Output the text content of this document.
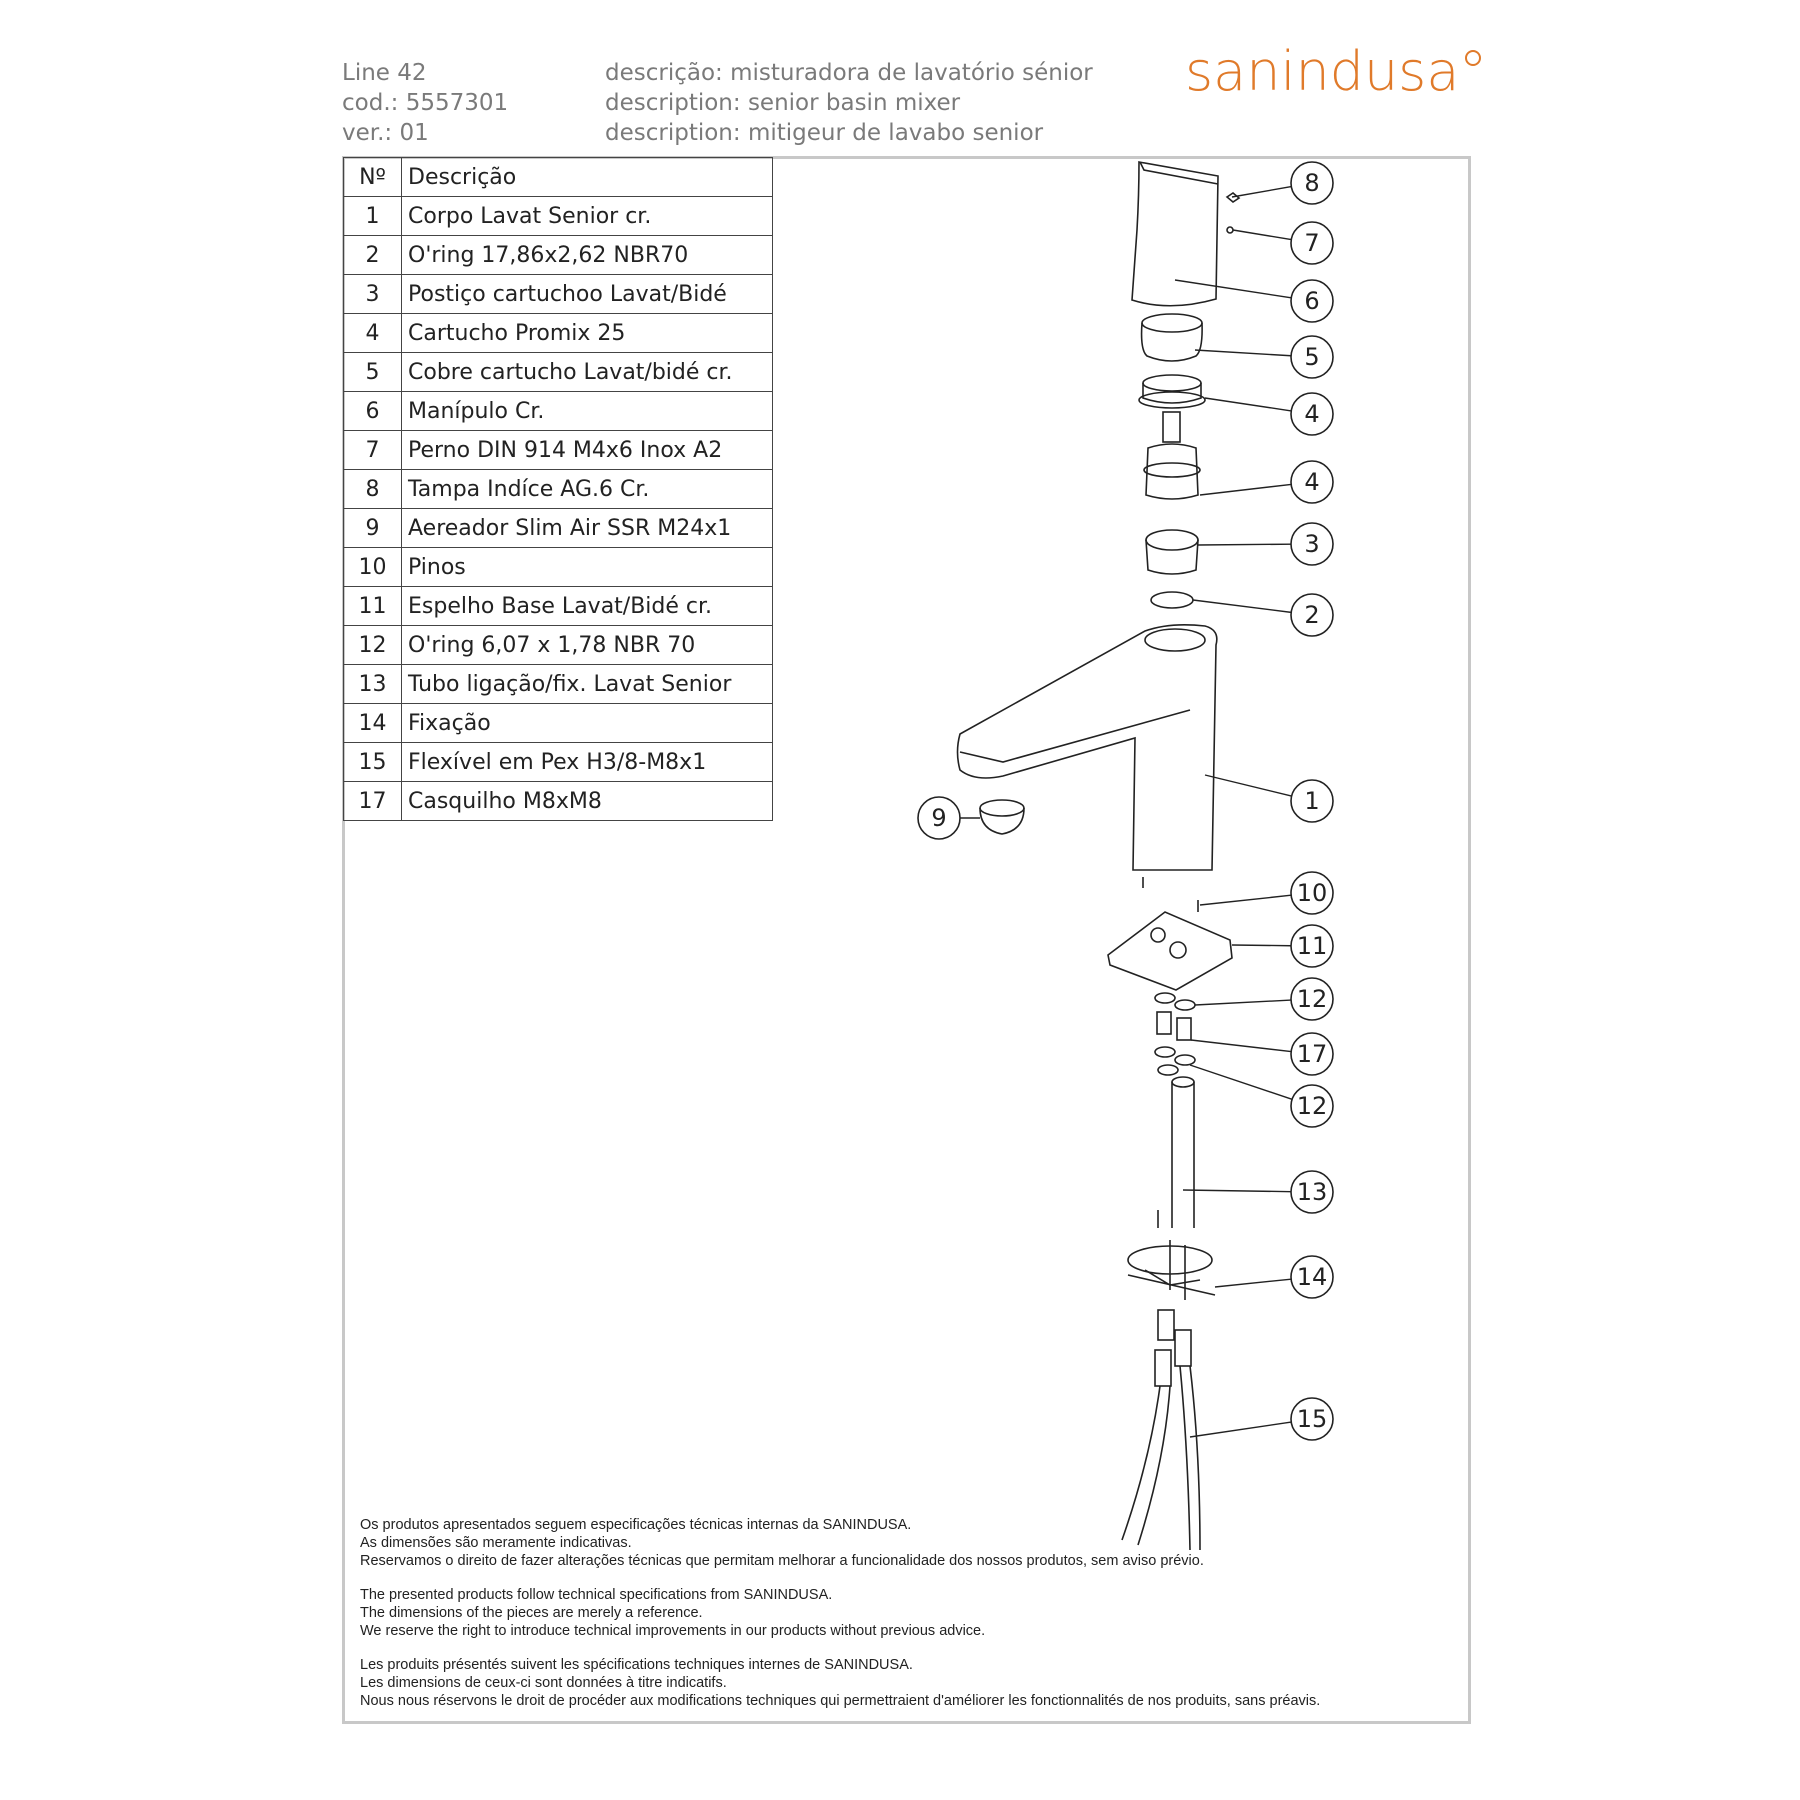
Line 42
cod.: 5557301
ver.: 01
descrição: misturadora de lavatório sénior
description: senior basin mixer
description: mitigeur de lavabo senior
sanindusa
Nº	Descrição
1	Corpo Lavat Senior cr.
2	O'ring 17,86x2,62 NBR70
3	Postiço cartuchoo Lavat/Bidé
4	Cartucho Promix 25
5	Cobre cartucho Lavat/bidé cr.
6	Manípulo Cr.
7	Perno DIN 914 M4x6 Inox A2
8	Tampa Indíce AG.6 Cr.
9	Aereador Slim Air SSR M24x1
10	Pinos
11	Espelho Base Lavat/Bidé cr.
12	O'ring 6,07 x 1,78 NBR 70
13	Tubo ligação/fix. Lavat Senior
14	Fixação
15	Flexível em Pex H3/8-M8x1
17	Casquilho M8xM8
8
7
6
5
4
4
3
2
1
9
10
11
12
17
12
13
14
15
Os produtos apresentados seguem especificações técnicas internas da SANINDUSA.
As dimensões são meramente indicativas.
Reservamos o direito de fazer alterações técnicas que permitam melhorar a funcionalidade dos nossos produtos, sem aviso prévio.
The presented products follow technical specifications from SANINDUSA.
The dimensions of the pieces are merely a reference.
We reserve the right to introduce technical improvements in our products without previous advice.
Les produits présentés suivent les spécifications techniques internes de SANINDUSA.
Les dimensions de ceux-ci sont données à titre indicatifs.
Nous nous réservons le droit de procéder aux modifications techniques qui permettraient d'améliorer les fonctionnalités de nos produits, sans préavis.
